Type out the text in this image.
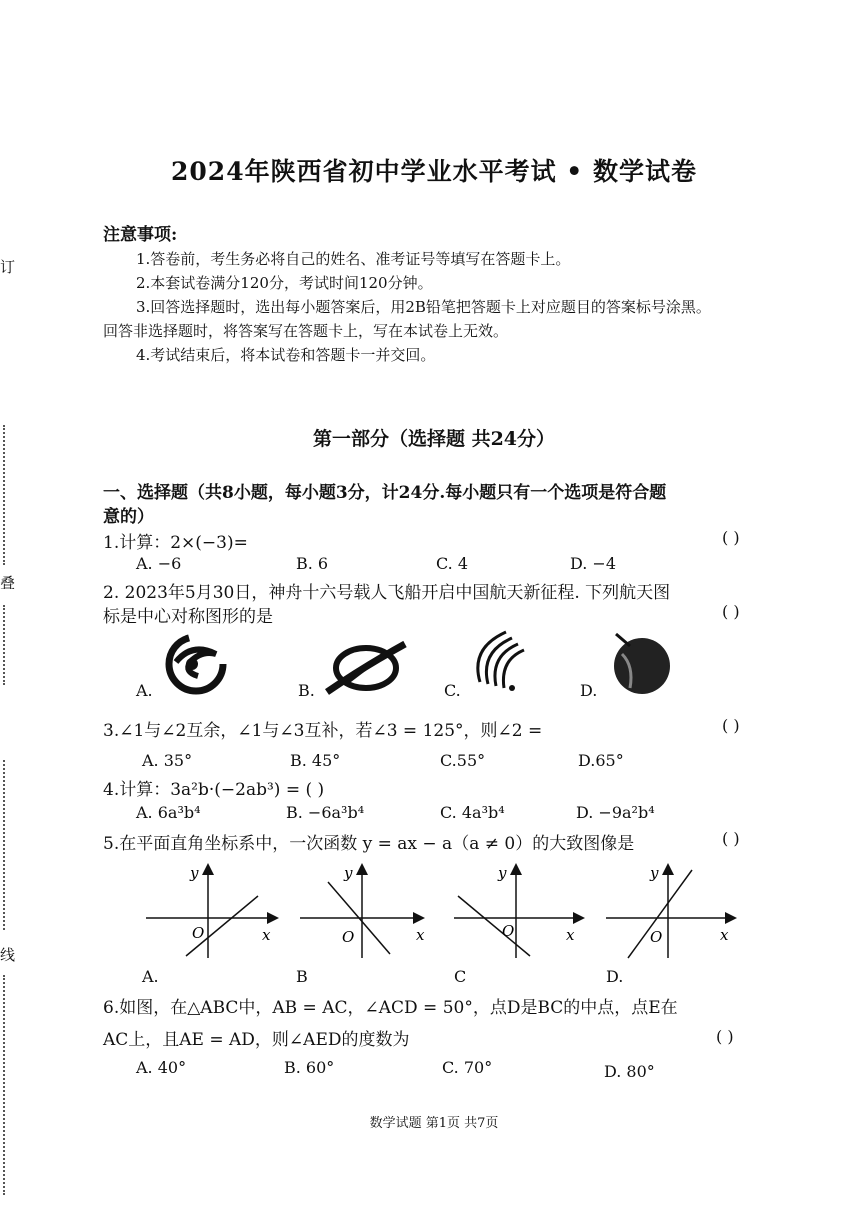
订
叠
线
2024年陕西省初中学业水平考试 • 数学试卷
注意事项:
1.答卷前，考生务必将自己的姓名、准考证号等填写在答题卡上。
2.本套试卷满分120分，考试时间120分钟。
3.回答选择题时，选出每小题答案后，用2B铅笔把答题卡上对应题目的答案标号涂黑。
回答非选择题时，将答案写在答题卡上，写在本试卷上无效。
4.考试结束后，将本试卷和答题卡一并交回。
第一部分（选择题 共24分）
一、选择题（共8小题，每小题3分，计24分.每小题只有一个选项是符合题
意的）
1.计算：2×(−3)=	( )
A. −6	B. 6	C. 4	D. −4
2. 2023年5月30日，神舟十六号载人飞船开启中国航天新征程. 下列航天图
标是中心对称图形的是	( )
A.	B.	C.	D.
3.∠1与∠2互余，∠1与∠3互补，若∠3 = 125°，则∠2 =	( )
A. 35°	B. 45°	C.55°	D.65°
4.计算：3a²b·(−2ab³) = ( )
A. 6a³b⁴	B. −6a³b⁴	C. 4a³b⁴	D. −9a²b⁴
5.在平面直角坐标系中，一次函数 y = ax − a（a ≠ 0）的大致图像是	( )
y
O	x
y
O	x
y
O	x
y
O	x
A.	B	C	D.
6.如图，在△ABC中，AB = AC，∠ACD = 50°，点D是BC的中点，点E在
AC上，且AE = AD，则∠AED的度数为	( )
A. 40°	B. 60°	C. 70°	D. 80°
数学试题 第1页 共7页
